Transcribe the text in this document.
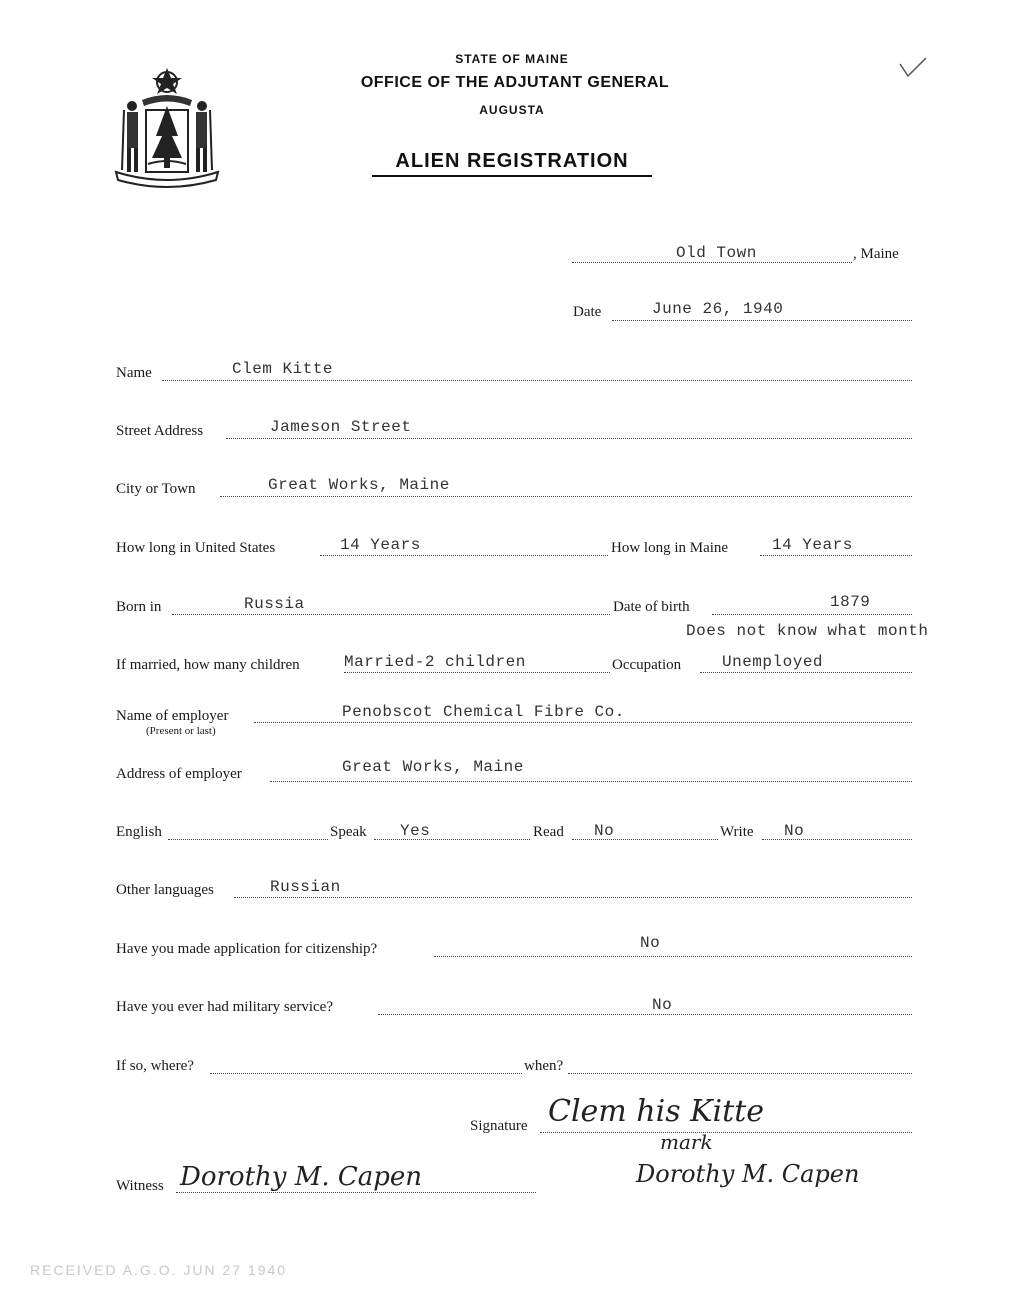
STATE OF MAINE
OFFICE OF THE ADJUTANT GENERAL
AUGUSTA
ALIEN REGISTRATION
Old Town	, Maine
Date	June 26, 1940
Name	Clem Kitte
Street Address	Jameson Street
City or Town	Great Works, Maine
How long in United States	14 Years	How long in Maine	14 Years
Born in	Russia	Date of birth	1879
Does not know what month
If married, how many children	Married-2 children	Occupation	Unemployed
Name of employer
(Present or last)
Penobscot Chemical Fibre Co.
Address of employer	Great Works, Maine
English	Speak Yes	Read No	Write No
Other languages	Russian
Have you made application for citizenship?	No
Have you ever had military service?	No
If so, where?	when?
Signature Clem his Kitte
mark
Dorothy M. Capen
Witness Dorothy M. Capen
RECEIVED A.G.O. JUN 27 1940
